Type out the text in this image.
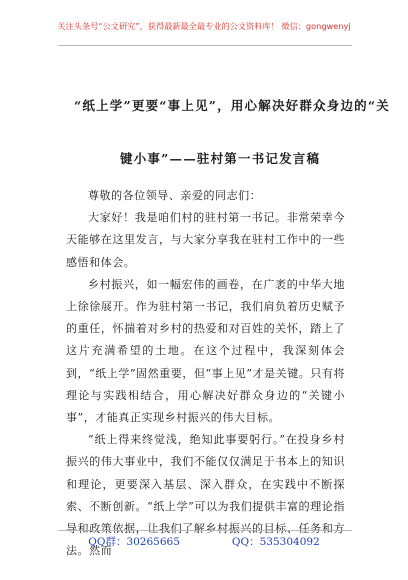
关注头条号“公文研究”，获得最新最全最专业的公文资料库！ 微信：gongwenyj
“纸上学”更要“事上见”，用心解决好群众身边的“关
键小事”——驻村第一书记发言稿

尊敬的各位领导、亲爱的同志们：

大家好！我是咱们村的驻村第一书记。非常荣幸今天能够在这里发言，与大家分享我在驻村工作中的一些感悟和体会。

乡村振兴，如一幅宏伟的画卷，在广袤的中华大地上徐徐展开。作为驻村第一书记，我们肩负着历史赋予的重任，怀揣着对乡村的热爱和对百姓的关怀，踏上了这片充满希望的土地。在这个过程中，我深刻体会到，“纸上学”固然重要，但“事上见”才是关键。只有将理论与实践相结合，用心解决好群众身边的“关键小事”，才能真正实现乡村振兴的伟大目标。

“纸上得来终觉浅，绝知此事要躬行。”在投身乡村振兴的伟大事业中，我们不能仅仅满足于书本上的知识和理论，更要深入基层、深入群众，在实践中不断探索、不断创新。“纸上学”可以为我们提供丰富的理论指导和政策依据，让我们了解乡村振兴的目标、任务和方法。然而

QQ群：30265665	QQ：535304092
